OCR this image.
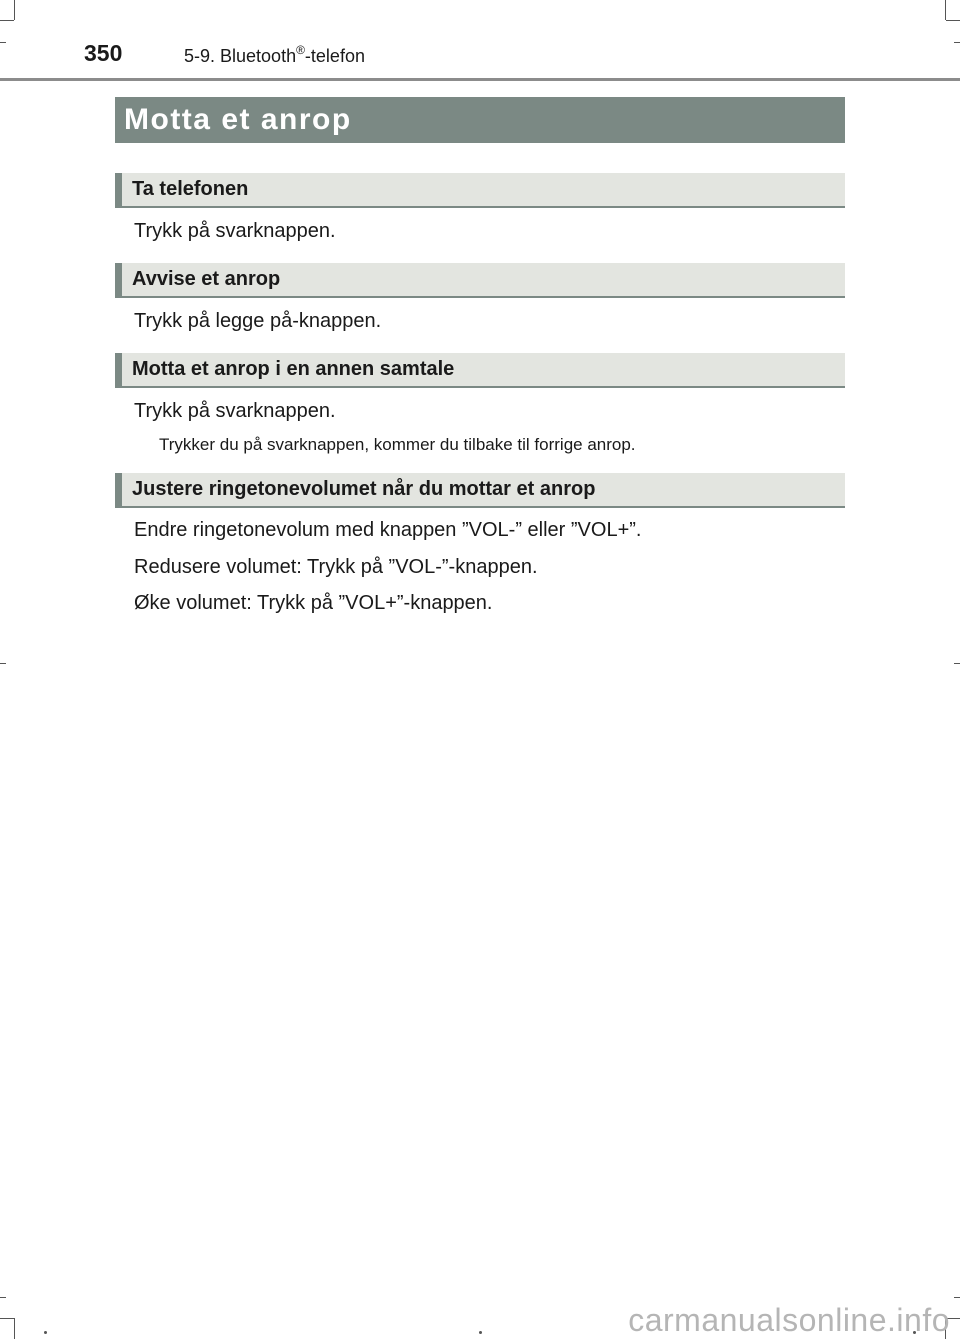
350	5-9. Bluetooth®-telefon
Motta et anrop
Ta telefonen
Trykk på svarknappen.
Avvise et anrop
Trykk på legge på-knappen.
Motta et anrop i en annen samtale
Trykk på svarknappen.
Trykker du på svarknappen, kommer du tilbake til forrige anrop.
Justere ringetonevolumet når du mottar et anrop
Endre ringetonevolum med knappen ”VOL-” eller ”VOL+”.
Redusere volumet: Trykk på ”VOL-”-knappen.
Øke volumet: Trykk på ”VOL+”-knappen.
carmanualsonline.info
